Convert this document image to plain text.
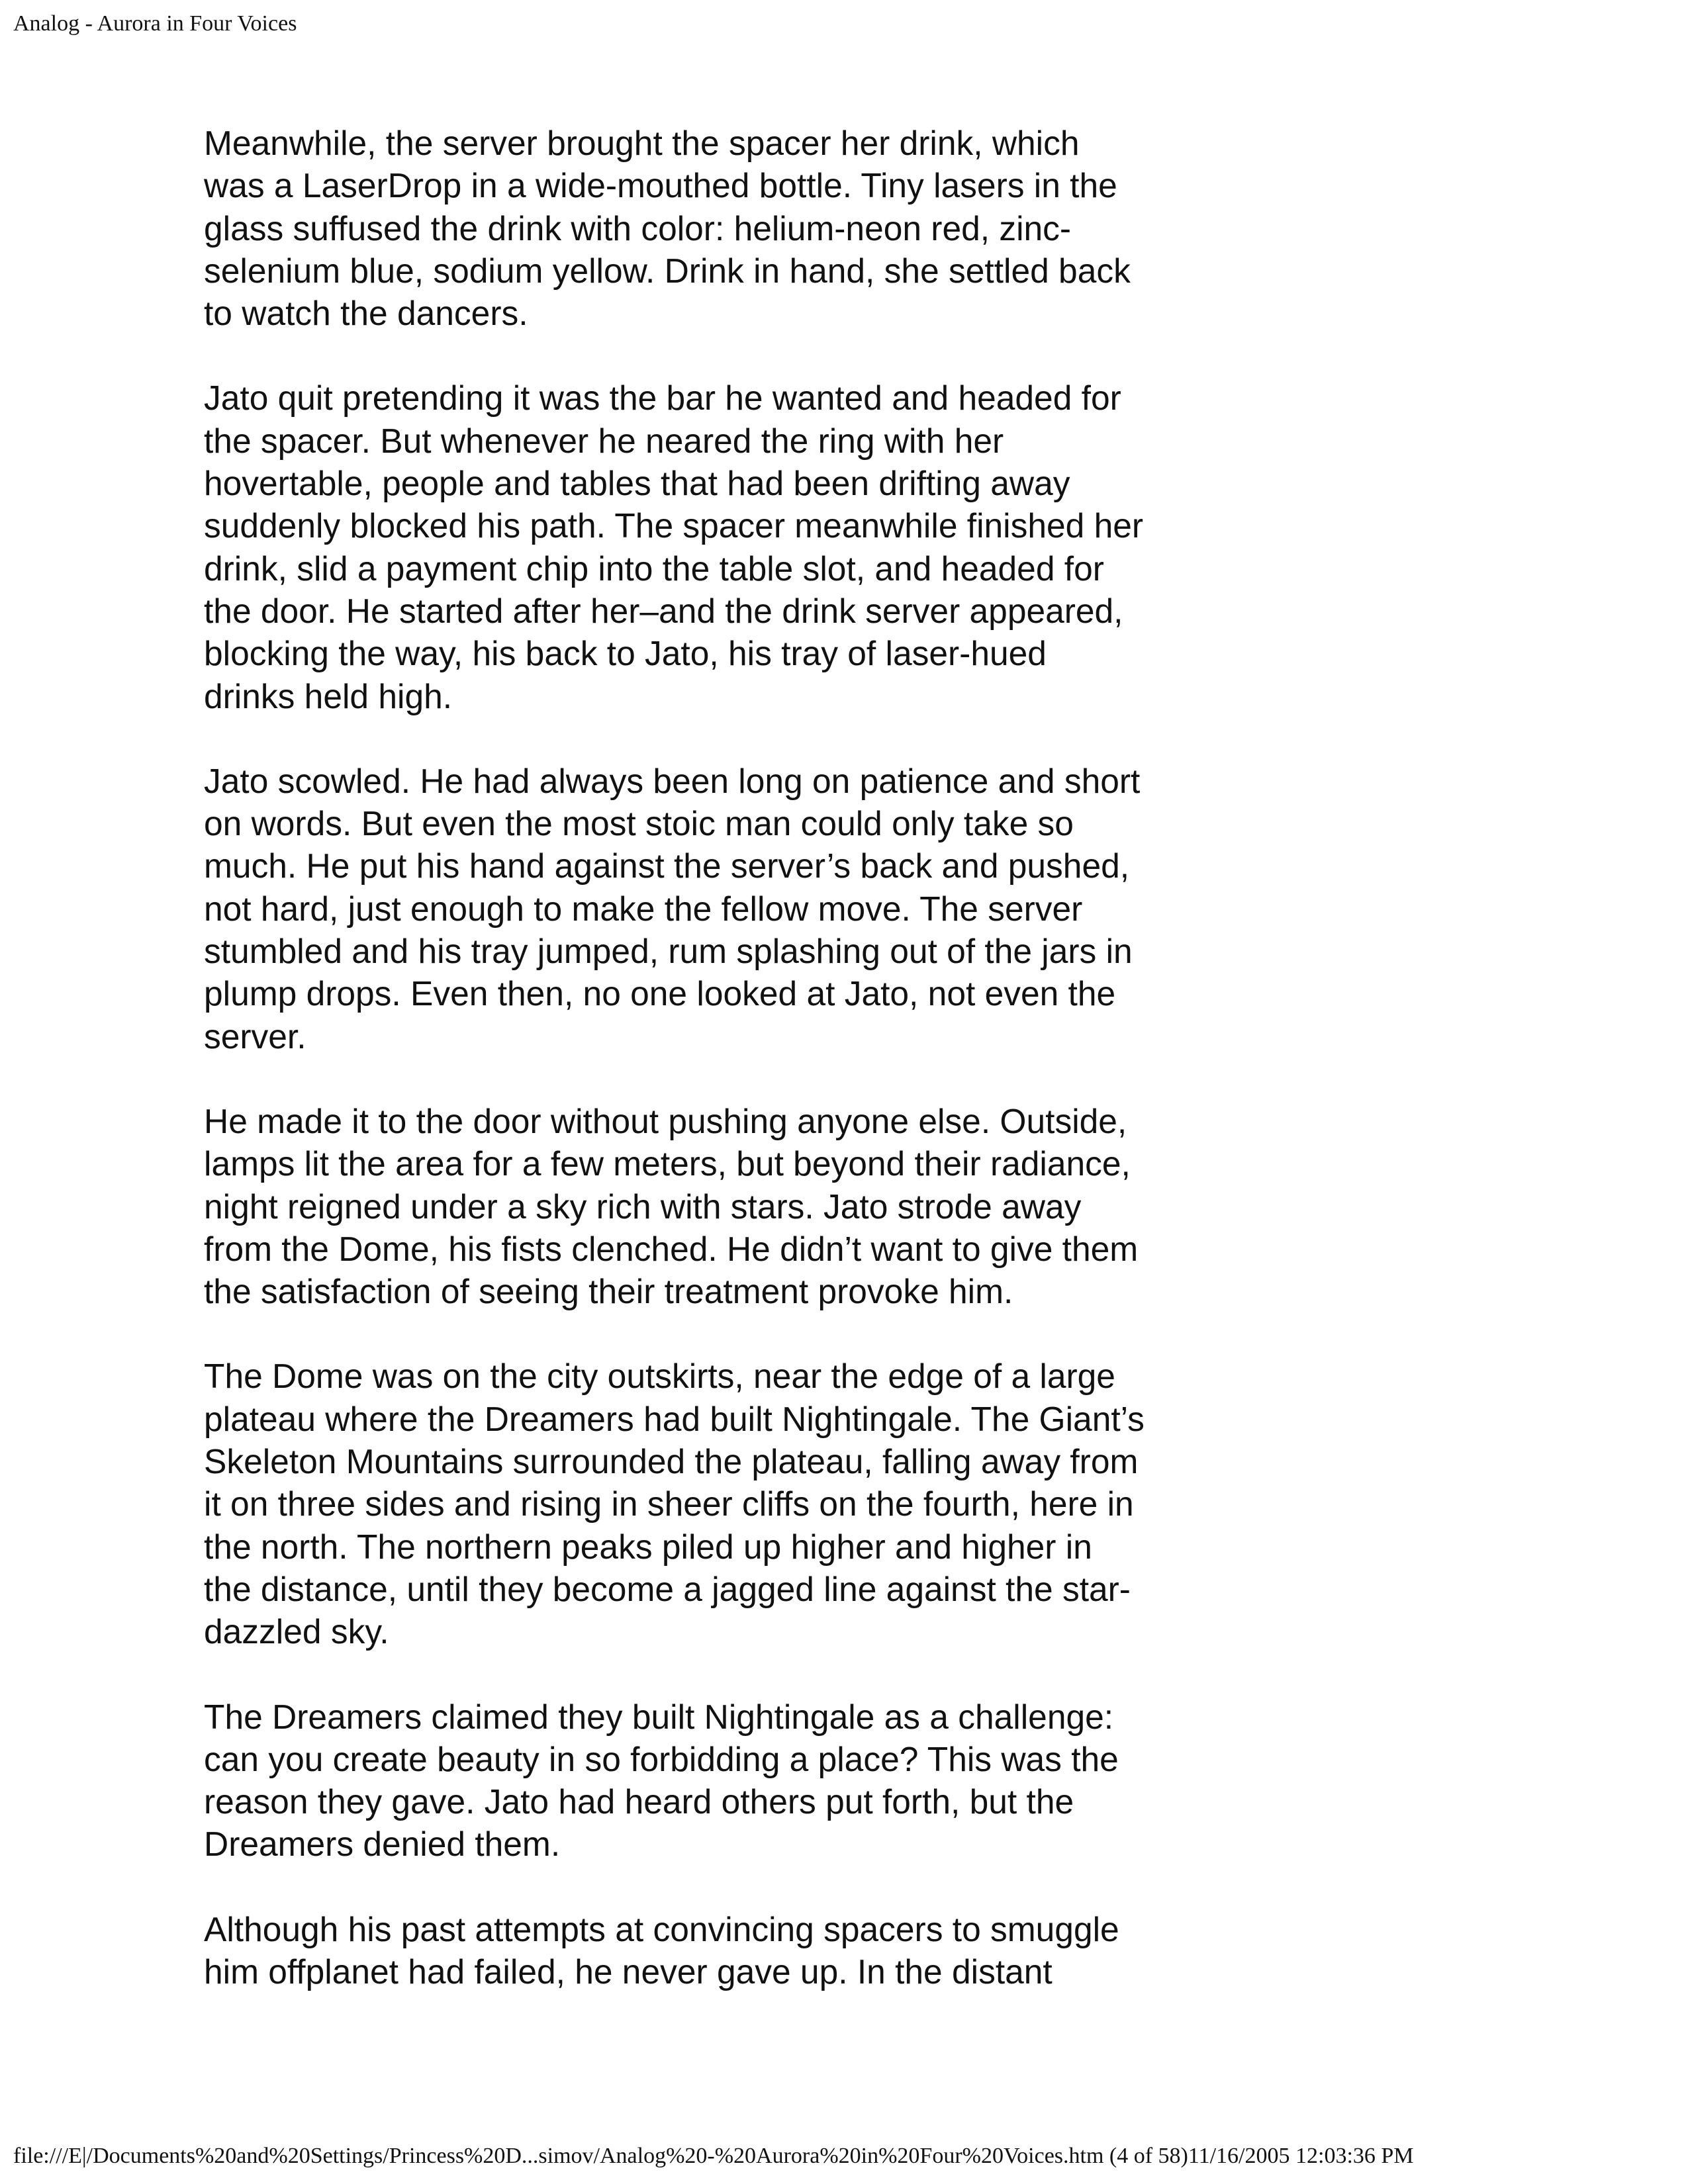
Analog - Aurora in Four Voices

Meanwhile, the server brought the spacer her drink, which
was a LaserDrop in a wide-mouthed bottle. Tiny lasers in the
glass suffused the drink with color: helium-neon red, zinc-
selenium blue, sodium yellow. Drink in hand, she settled back
to watch the dancers.

Jato quit pretending it was the bar he wanted and headed for
the spacer. But whenever he neared the ring with her
hovertable, people and tables that had been drifting away
suddenly blocked his path. The spacer meanwhile finished her
drink, slid a payment chip into the table slot, and headed for
the door. He started after her–and the drink server appeared,
blocking the way, his back to Jato, his tray of laser-hued
drinks held high.

Jato scowled. He had always been long on patience and short
on words. But even the most stoic man could only take so
much. He put his hand against the server’s back and pushed,
not hard, just enough to make the fellow move. The server
stumbled and his tray jumped, rum splashing out of the jars in
plump drops. Even then, no one looked at Jato, not even the
server.

He made it to the door without pushing anyone else. Outside,
lamps lit the area for a few meters, but beyond their radiance,
night reigned under a sky rich with stars. Jato strode away
from the Dome, his fists clenched. He didn’t want to give them
the satisfaction of seeing their treatment provoke him.

The Dome was on the city outskirts, near the edge of a large
plateau where the Dreamers had built Nightingale. The Giant’s
Skeleton Mountains surrounded the plateau, falling away from
it on three sides and rising in sheer cliffs on the fourth, here in
the north. The northern peaks piled up higher and higher in
the distance, until they become a jagged line against the star-
dazzled sky.

The Dreamers claimed they built Nightingale as a challenge:
can you create beauty in so forbidding a place? This was the
reason they gave. Jato had heard others put forth, but the
Dreamers denied them.

Although his past attempts at convincing spacers to smuggle
him offplanet had failed, he never gave up. In the distant

file:///E|/Documents%20and%20Settings/Princess%20D...simov/Analog%20-%20Aurora%20in%20Four%20Voices.htm (4 of 58)11/16/2005 12:03:36 PM
